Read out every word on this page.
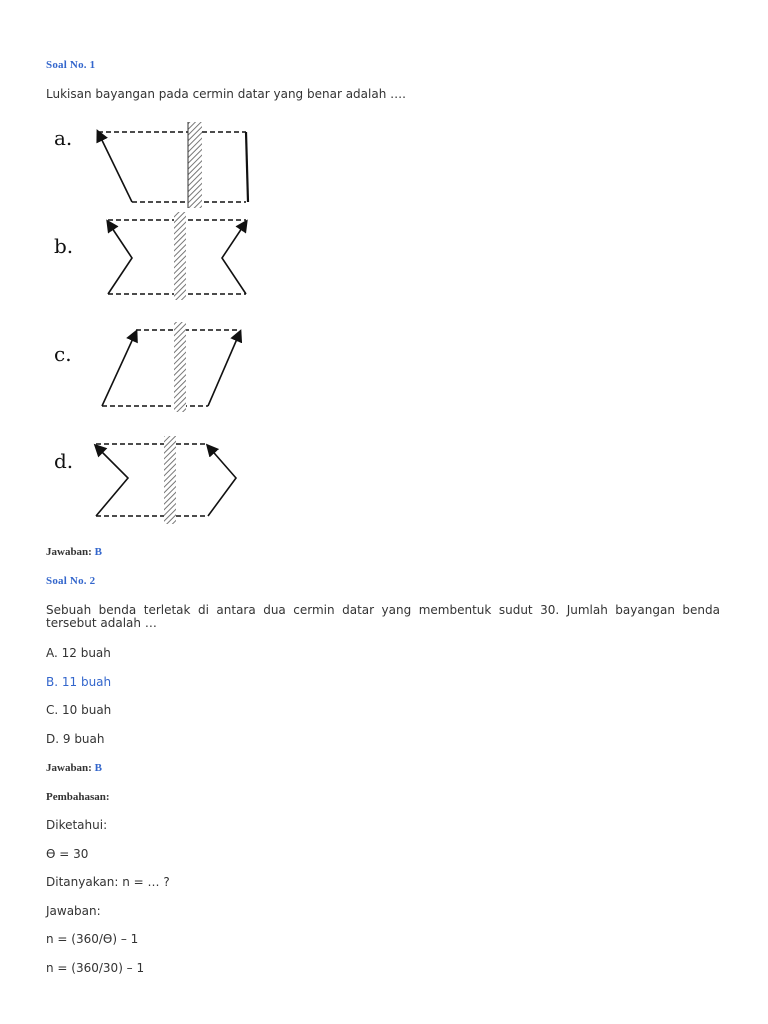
Soal No. 1
Lukisan bayangan pada cermin datar yang benar adalah ….
a.
b.
c.
d.
Jawaban: B
Soal No. 2
Sebuah benda terletak di antara dua cermin datar yang membentuk sudut 30. Jumlah bayangan benda tersebut adalah …
A. 12 buah
B. 11 buah
C. 10 buah
D. 9 buah
Jawaban: B
Pembahasan:
Diketahui:
Ɵ = 30
Ditanyakan: n = … ?
Jawaban:
n = (360/Ɵ) – 1
n = (360/30) – 1
